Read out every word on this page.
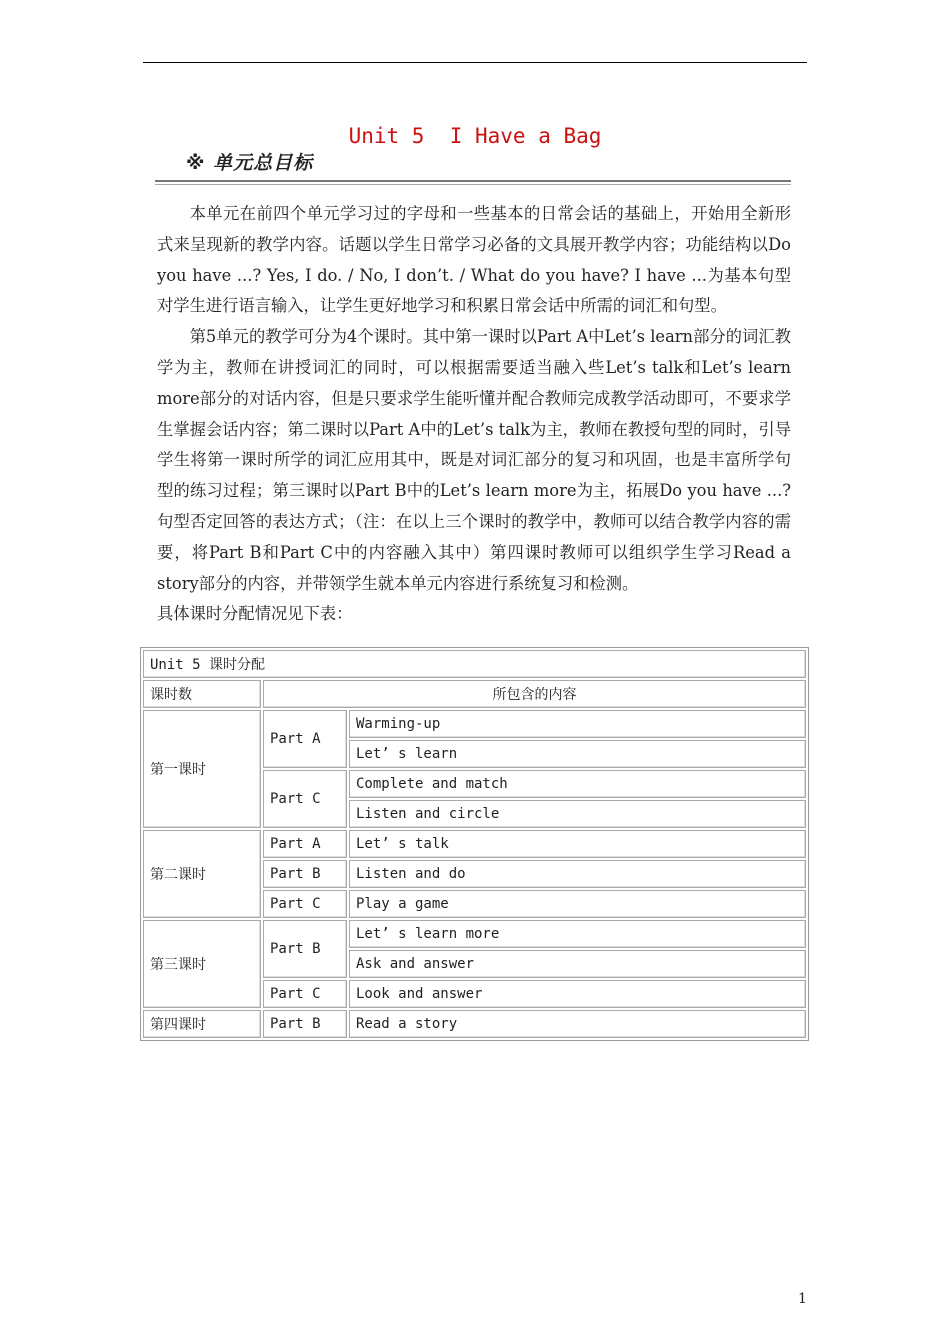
Unit 5  I Have a Bag
※ 单元总目标

本单元在前四个单元学习过的字母和一些基本的日常会话的基础上，开始用全新形式来呈现新的教学内容。话题以学生日常学习必备的文具展开教学内容；功能结构以Do you have ...? Yes, I do. / No, I don’t. / What do you have? I have ...为基本句型对学生进行语言输入，让学生更好地学习和积累日常会话中所需的词汇和句型。

第5单元的教学可分为4个课时。其中第一课时以Part A中Let’s learn部分的词汇教学为主，教师在讲授词汇的同时，可以根据需要适当融入些Let’s talk和Let’s learn more部分的对话内容，但是只要求学生能听懂并配合教师完成教学活动即可，不要求学生掌握会话内容；第二课时以Part A中的Let’s talk为主，教师在教授句型的同时，引导学生将第一课时所学的词汇应用其中，既是对词汇部分的复习和巩固，也是丰富所学句型的练习过程；第三课时以Part B中的Let’s learn more为主，拓展Do you have ...?句型否定回答的表达方式；（注：在以上三个课时的教学中，教师可以结合教学内容的需要，将Part B和Part C中的内容融入其中）第四课时教师可以组织学生学习Read a story部分的内容，并带领学生就本单元内容进行系统复习和检测。

具体课时分配情况见下表：

Unit 5 课时分配		
课时数	所包含的内容	
第一课时	Part A	Warming-up
		Let’ s learn
	Part C	Complete and match
		Listen and circle
第二课时	Part A	Let’ s talk
	Part B	Listen and do
	Part C	Play a game
第三课时	Part B	Let’ s learn more
		Ask and answer
	Part C	Look and answer
第四课时	Part B	Read a story
1
